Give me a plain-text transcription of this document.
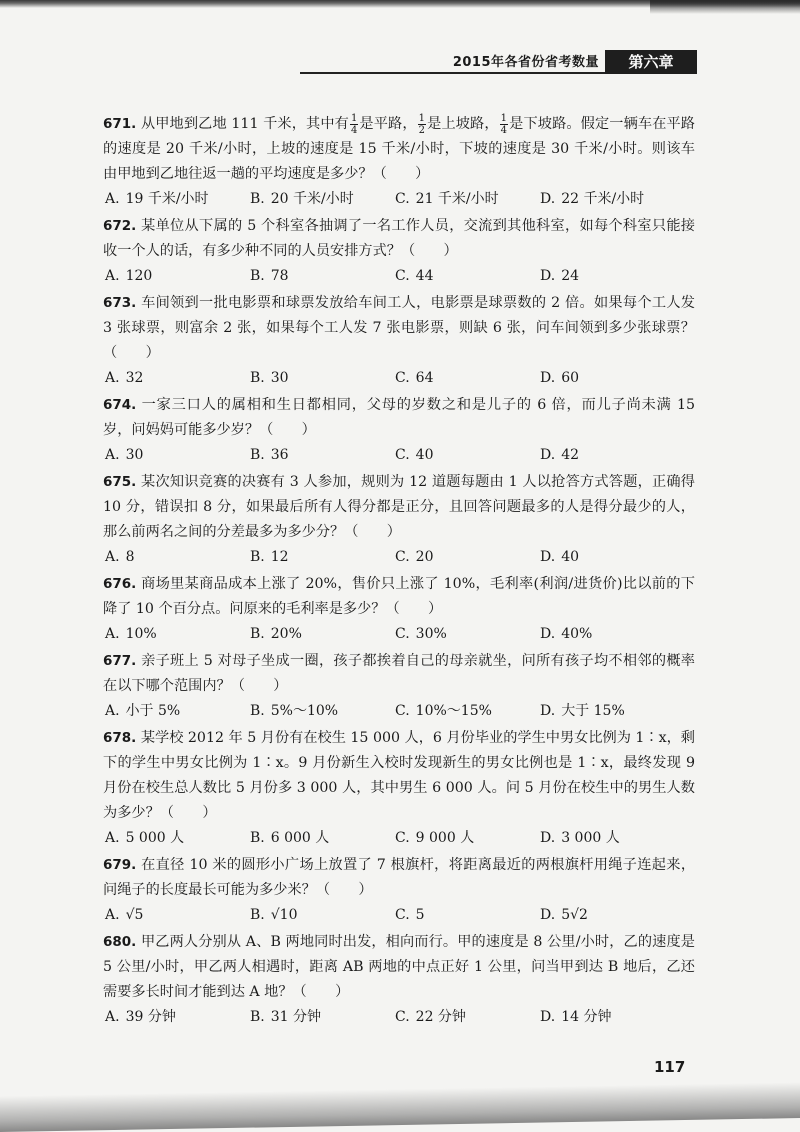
2015年各省份省考数量	第六章

671. 从甲地到乙地 111 千米，其中有 $\frac{1}{4}$ 是平路， $\frac{1}{2}$ 是上坡路， $\frac{1}{4}$ 是下坡路。假定一辆车在平路的速度是 20 千米/小时，上坡的速度是 15 千米/小时，下坡的速度是 30 千米/小时。则该车由甲地到乙地往返一趟的平均速度是多少？（　　）

A. 19 千米/小时	B. 20 千米/小时	C. 21 千米/小时	D. 22 千米/小时

672. 某单位从下属的 5 个科室各抽调了一名工作人员，交流到其他科室，如每个科室只能接收一个人的话，有多少种不同的人员安排方式？（　　）

A. 120	B. 78	C. 44	D. 24

673. 车间领到一批电影票和球票发放给车间工人，电影票是球票数的 2 倍。如果每个工人发 3 张球票，则富余 2 张，如果每个工人发 7 张电影票，则缺 6 张，问车间领到多少张球票？（　　）

A. 32	B. 30	C. 64	D. 60

674. 一家三口人的属相和生日都相同，父母的岁数之和是儿子的 6 倍，而儿子尚未满 15 岁，问妈妈可能多少岁？（　　）

A. 30	B. 36	C. 40	D. 42

675. 某次知识竞赛的决赛有 3 人参加，规则为 12 道题每题由 1 人以抢答方式答题，正确得 10 分，错误扣 8 分，如果最后所有人得分都是正分，且回答问题最多的人是得分最少的人，那么前两名之间的分差最多为多少分？（　　）

A. 8	B. 12	C. 20	D. 40

676. 商场里某商品成本上涨了 20%，售价只上涨了 10%，毛利率(利润/进货价)比以前的下降了 10 个百分点。问原来的毛利率是多少？（　　）

A. 10%	B. 20%	C. 30%	D. 40%

677. 亲子班上 5 对母子坐成一圈，孩子都挨着自己的母亲就坐，问所有孩子均不相邻的概率在以下哪个范围内？（　　）

A. 小于 5%	B. 5%～10%	C. 10%～15%	D. 大于 15%

678. 某学校 2012 年 5 月份有在校生 15 000 人，6 月份毕业的学生中男女比例为 1∶x，剩下的学生中男女比例为 1∶x。9 月份新生入校时发现新生的男女比例也是 1∶x，最终发现 9 月份在校生总人数比 5 月份多 3 000 人，其中男生 6 000 人。问 5 月份在校生中的男生人数为多少？（　　）

A. 5 000 人	B. 6 000 人	C. 9 000 人	D. 3 000 人

679. 在直径 10 米的圆形小广场上放置了 7 根旗杆，将距离最近的两根旗杆用绳子连起来，问绳子的长度最长可能为多少米？（　　）

A. √5	B. √10	C. 5	D. 5√2

680. 甲乙两人分别从 A、B 两地同时出发，相向而行。甲的速度是 8 公里/小时，乙的速度是 5 公里/小时，甲乙两人相遇时，距离 AB 两地的中点正好 1 公里，问当甲到达 B 地后，乙还需要多长时间才能到达 A 地？（　　）

A. 39 分钟	B. 31 分钟	C. 22 分钟	D. 14 分钟
117
